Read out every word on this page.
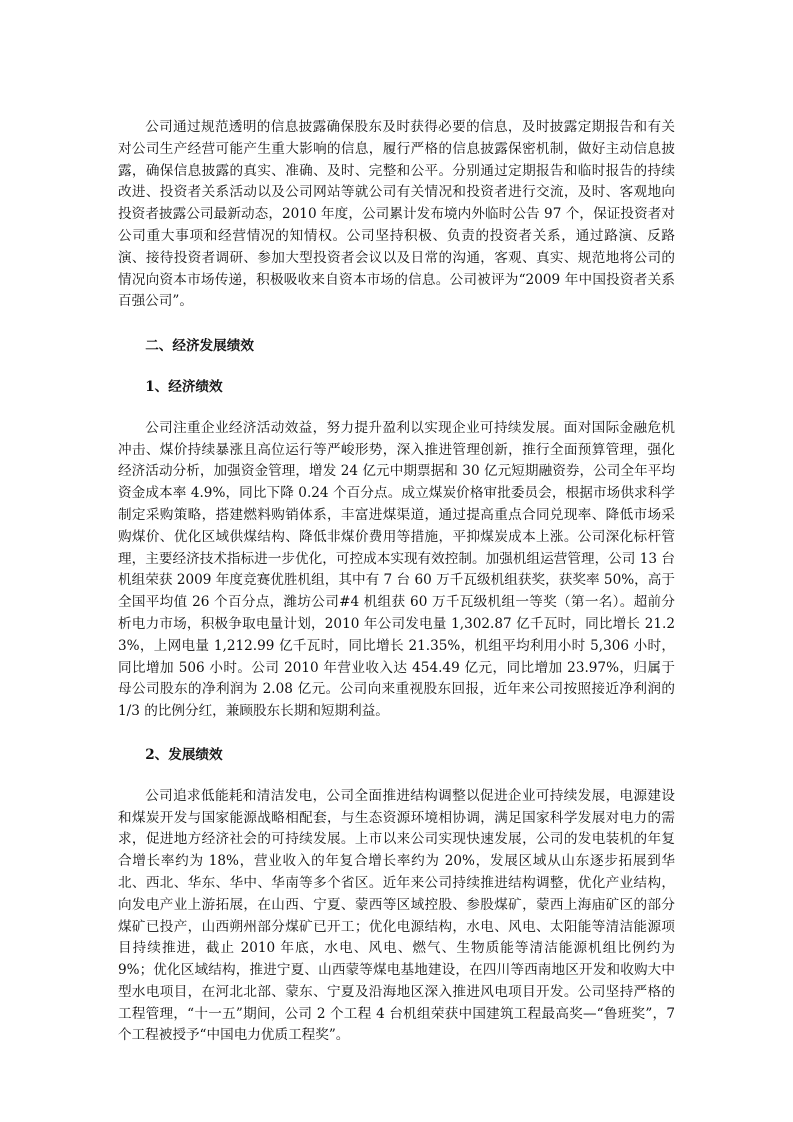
公司通过规范透明的信息披露确保股东及时获得必要的信息，及时披露定期报告和有关对公司生产经营可能产生重大影响的信息，履行严格的信息披露保密机制，做好主动信息披露，确保信息披露的真实、准确、及时、完整和公平。分别通过定期报告和临时报告的持续改进、投资者关系活动以及公司网站等就公司有关情况和投资者进行交流，及时、客观地向投资者披露公司最新动态，2010 年度，公司累计发布境内外临时公告 97 个，保证投资者对公司重大事项和经营情况的知情权。公司坚持积极、负责的投资者关系，通过路演、反路演、接待投资者调研、参加大型投资者会议以及日常的沟通，客观、真实、规范地将公司的情况向资本市场传递，积极吸收来自资本市场的信息。公司被评为“2009 年中国投资者关系百强公司”。

二、经济发展绩效

1、经济绩效

公司注重企业经济活动效益，努力提升盈利以实现企业可持续发展。面对国际金融危机冲击、煤价持续暴涨且高位运行等严峻形势，深入推进管理创新，推行全面预算管理，强化经济活动分析，加强资金管理，增发 24 亿元中期票据和 30 亿元短期融资券，公司全年平均资金成本率 4.9%，同比下降 0.24 个百分点。成立煤炭价格审批委员会，根据市场供求科学制定采购策略，搭建燃料购销体系，丰富进煤渠道，通过提高重点合同兑现率、降低市场采购煤价、优化区域供煤结构、降低非煤价费用等措施，平抑煤炭成本上涨。公司深化标杆管理，主要经济技术指标进一步优化，可控成本实现有效控制。加强机组运营管理，公司 13 台机组荣获 2009 年度竞赛优胜机组，其中有 7 台 60 万千瓦级机组获奖，获奖率 50%，高于全国平均值 26 个百分点，潍坊公司#4 机组获 60 万千瓦级机组一等奖（第一名）。超前分析电力市场，积极争取电量计划，2010 年公司发电量 1,302.87 亿千瓦时，同比增长 21.23%，上网电量 1,212.99 亿千瓦时，同比增长 21.35%，机组平均利用小时 5,306 小时，同比增加 506 小时。公司 2010 年营业收入达 454.49 亿元，同比增加 23.97%，归属于母公司股东的净利润为 2.08 亿元。公司向来重视股东回报，近年来公司按照接近净利润的 1/3 的比例分红，兼顾股东长期和短期利益。

2、发展绩效

公司追求低能耗和清洁发电，公司全面推进结构调整以促进企业可持续发展，电源建设和煤炭开发与国家能源战略相配套，与生态资源环境相协调，满足国家科学发展对电力的需求，促进地方经济社会的可持续发展。上市以来公司实现快速发展，公司的发电装机的年复合增长率约为 18%，营业收入的年复合增长率约为 20%，发展区域从山东逐步拓展到华北、西北、华东、华中、华南等多个省区。近年来公司持续推进结构调整，优化产业结构，向发电产业上游拓展，在山西、宁夏、蒙西等区域控股、参股煤矿，蒙西上海庙矿区的部分煤矿已投产，山西朔州部分煤矿已开工；优化电源结构，水电、风电、太阳能等清洁能源项目持续推进，截止 2010 年底，水电、风电、燃气、生物质能等清洁能源机组比例约为 9%；优化区域结构，推进宁夏、山西蒙等煤电基地建设，在四川等西南地区开发和收购大中型水电项目，在河北北部、蒙东、宁夏及沿海地区深入推进风电项目开发。公司坚持严格的工程管理，“十一五”期间，公司 2 个工程 4 台机组荣获中国建筑工程最高奖—“鲁班奖”，7 个工程被授予“中国电力优质工程奖”。
